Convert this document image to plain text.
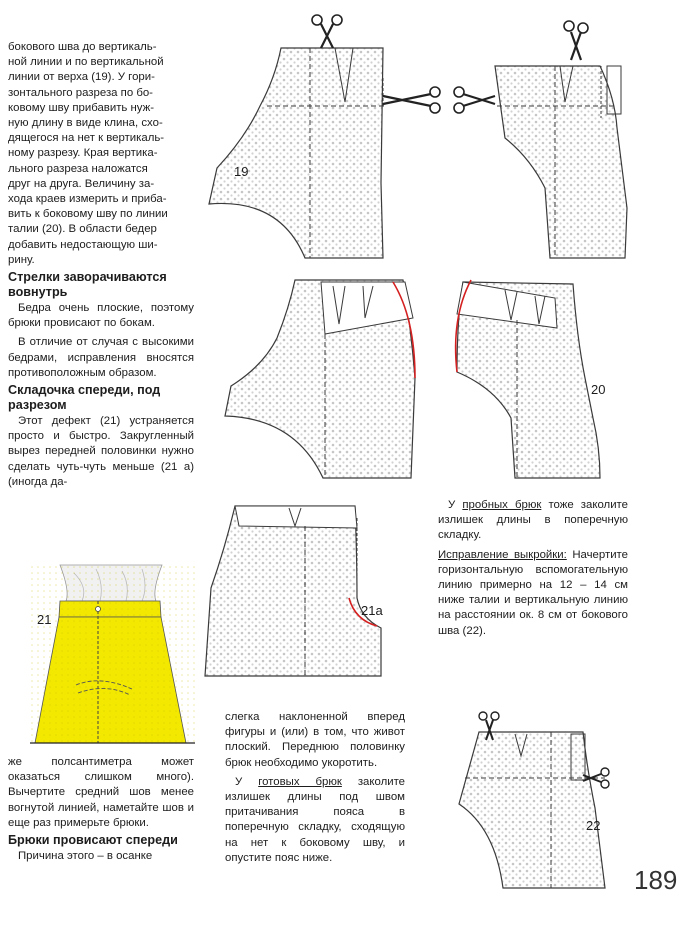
бокового шва до вертикаль-
ной линии и по вертикальной
линии от верха (19). У гори-
зонтального разреза по бо-
ковому шву прибавить нуж-
ную длину в виде клина, схо-
дящегося на нет к вертикаль-
ному разрезу. Края вертика-
льного разреза наложатся
друг на друга. Величину за-
хода краев измерить и приба-
вить к боковому шву по линии
талии (20). В области бедер
добавить недостающую ши-
рину.
Стрелки заворачиваются вовнутрь

Бедра очень плоские, поэтому брюки провисают по бокам.

В отличие от случая с высокими бедрами, исправления вносятся противоположным образом.

Складочка спереди, под разрезом

Этот дефект (21) устраняется просто и быстро. Закругленный вырез передней половинки нужно сделать чуть-чуть меньше (21 а) (иногда да-

же полсантиметра может оказаться слишком много). Вычертите средний шов менее вогнутой линией, наметайте шов и еще раз примерьте брюки.

Брюки провисают спереди

Причина этого – в осанке

21
19
20
21a
22

слегка наклоненной вперед фигуры и (или) в том, что живот плоский. Переднюю половинку брюк необходимо укоротить.

У готовых брюк заколите излишек длины под швом притачивания пояса в поперечную складку, сходящую на нет к боковому шву, и опустите пояс ниже.

У пробных брюк тоже заколите излишек длины в поперечную складку.

Исправление выкройки: Начертите горизонтальную вспомогательную линию примерно на 12 – 14 см ниже талии и вертикальную линию на расстоянии ок. 8 см от бокового шва (22).

189
